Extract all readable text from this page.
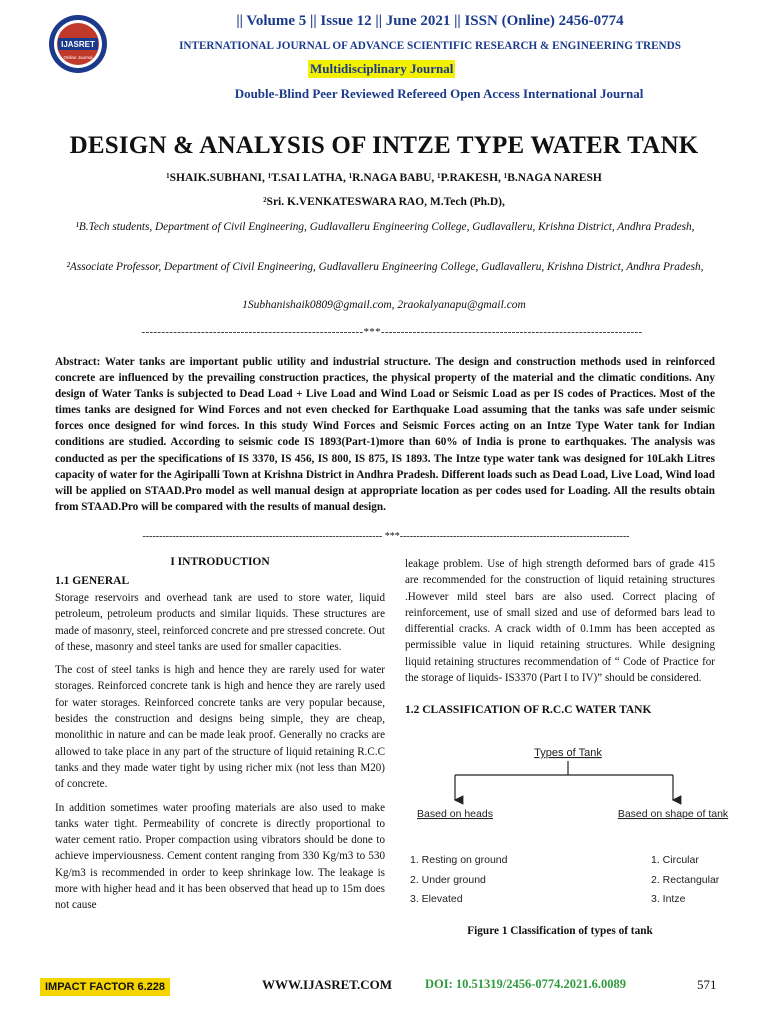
IJASRET
Online Journal
|| Volume 5 || Issue 12 || June 2021 || ISSN (Online) 2456-0774
INTERNATIONAL JOURNAL OF ADVANCE SCIENTIFIC RESEARCH & ENGINEERING TRENDS
Multidisciplinary Journal
Double-Blind Peer Reviewed Refereed Open Access International Journal
DESIGN & ANALYSIS OF INTZE TYPE WATER TANK
¹SHAIK.SUBHANI, ¹T.SAI LATHA, ¹R.NAGA BABU, ¹P.RAKESH, ¹B.NAGA NARESH
²Sri. K.VENKATESWARA RAO, M.Tech (Ph.D),
¹B.Tech students, Department of Civil Engineering, Gudlavalleru Engineering College, Gudlavalleru, Krishna District, Andhra Pradesh,
²Associate Professor, Department of Civil Engineering, Gudlavalleru Engineering College, Gudlavalleru, Krishna District, Andhra Pradesh,
1Subhanishaik0809@gmail.com, 2raokalyanapu@gmail.com
--------------------------------------------------------***------------------------------------------------------------------
Abstract: Water tanks are important public utility and industrial structure. The design and construction methods used in reinforced concrete are influenced by the prevailing construction practices, the physical property of the material and the climatic conditions. Any design of Water Tanks is subjected to Dead Load + Live Load and Wind Load or Seismic Load as per IS codes of Practices. Most of the times tanks are designed for Wind Forces and not even checked for Earthquake Load assuming that the tanks was safe under seismic forces once designed for wind forces. In this study Wind Forces and Seismic Forces acting on an Intze Type Water tank for Indian conditions are studied. According to seismic code IS 1893(Part-1)more than 60% of India is prone to earthquakes. The analysis was conducted as per the specifications of IS 3370, IS 456, IS 800, IS 875, IS 1893. The Intze type water tank was designed for 10Lakh Litres capacity of water for the Agiripalli Town at Krishna District in Andhra Pradesh. Different loads such as Dead Load, Live Load, Wind load will be applied on STAAD.Pro model as well manual design at appropriate location as per codes used for Loading. All the results obtain from STAAD.Pro will be compared with the results of manual design.
------------------------------------------------------------------------ ***---------------------------------------------------------------------
I INTRODUCTION
1.1 GENERAL

Storage reservoirs and overhead tank are used to store water, liquid petroleum, petroleum products and similar liquids. These structures are made of masonry, steel, reinforced concrete and pre stressed concrete. Out of these, masonry and steel tanks are used for smaller capacities.

The cost of steel tanks is high and hence they are rarely used for water storages. Reinforced concrete tank is high and hence they are rarely used for water storages. Reinforced concrete tanks are very popular because, besides the construction and designs being simple, they are cheap, monolithic in nature and can be made leak proof. Generally no cracks are allowed to take place in any part of the structure of liquid retaining R.C.C tanks and they made water tight by using richer mix (not less than M20) of concrete.

In addition sometimes water proofing materials are also used to make tanks water tight. Permeability of concrete is directly proportional to water cement ratio. Proper compaction using vibrators should be done to achieve imperviousness. Cement content ranging from 330 Kg/m3 to 530 Kg/m3 is recommended in order to keep shrinkage low. The leakage is more with higher head and it has been observed that head up to 15m does not cause

leakage problem. Use of high strength deformed bars of grade 415 are recommended for the construction of liquid retaining structures .However mild steel bars are also used. Correct placing of reinforcement, use of small sized and use of deformed bars lead to differential cracks. A crack width of 0.1mm has been accepted as permissible value in liquid retaining structures. While designing liquid retaining structures recommendation of “ Code of Practice for the storage of liquids- IS3370 (Part I to IV)” should be considered.

1.2 CLASSIFICATION OF R.C.C WATER TANK
Types of Tank
Based on heads	Based on shape of tank
1. Resting on ground
2. Under ground
3. Elevated
1. Circular
2. Rectangular
3. Intze
Figure 1 Classification of types of tank
IMPACT FACTOR 6.228	WWW.IJASRET.COM	DOI: 10.51319/2456-0774.2021.6.0089	571
